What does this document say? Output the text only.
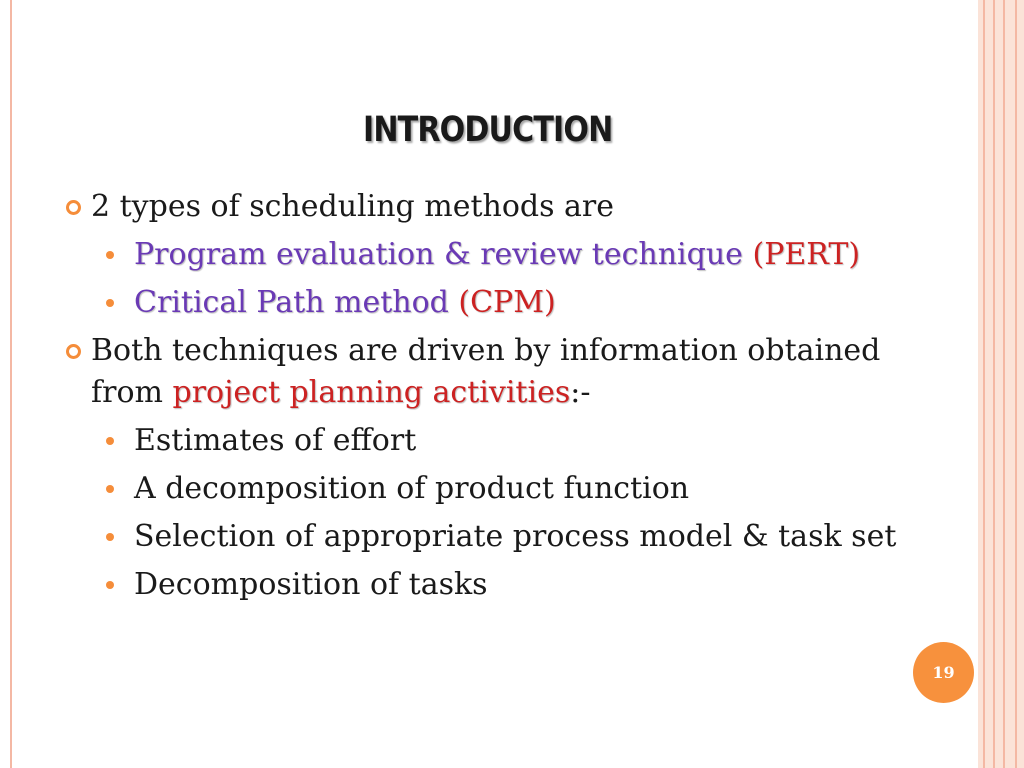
INTRODUCTION
2 types of scheduling methods are
Program evaluation & review technique (PERT)
Critical Path method (CPM)
Both techniques are driven by information obtained
from project planning activities:-
Estimates of effort
A decomposition of product function
Selection of appropriate process model & task set
Decomposition of tasks
19
